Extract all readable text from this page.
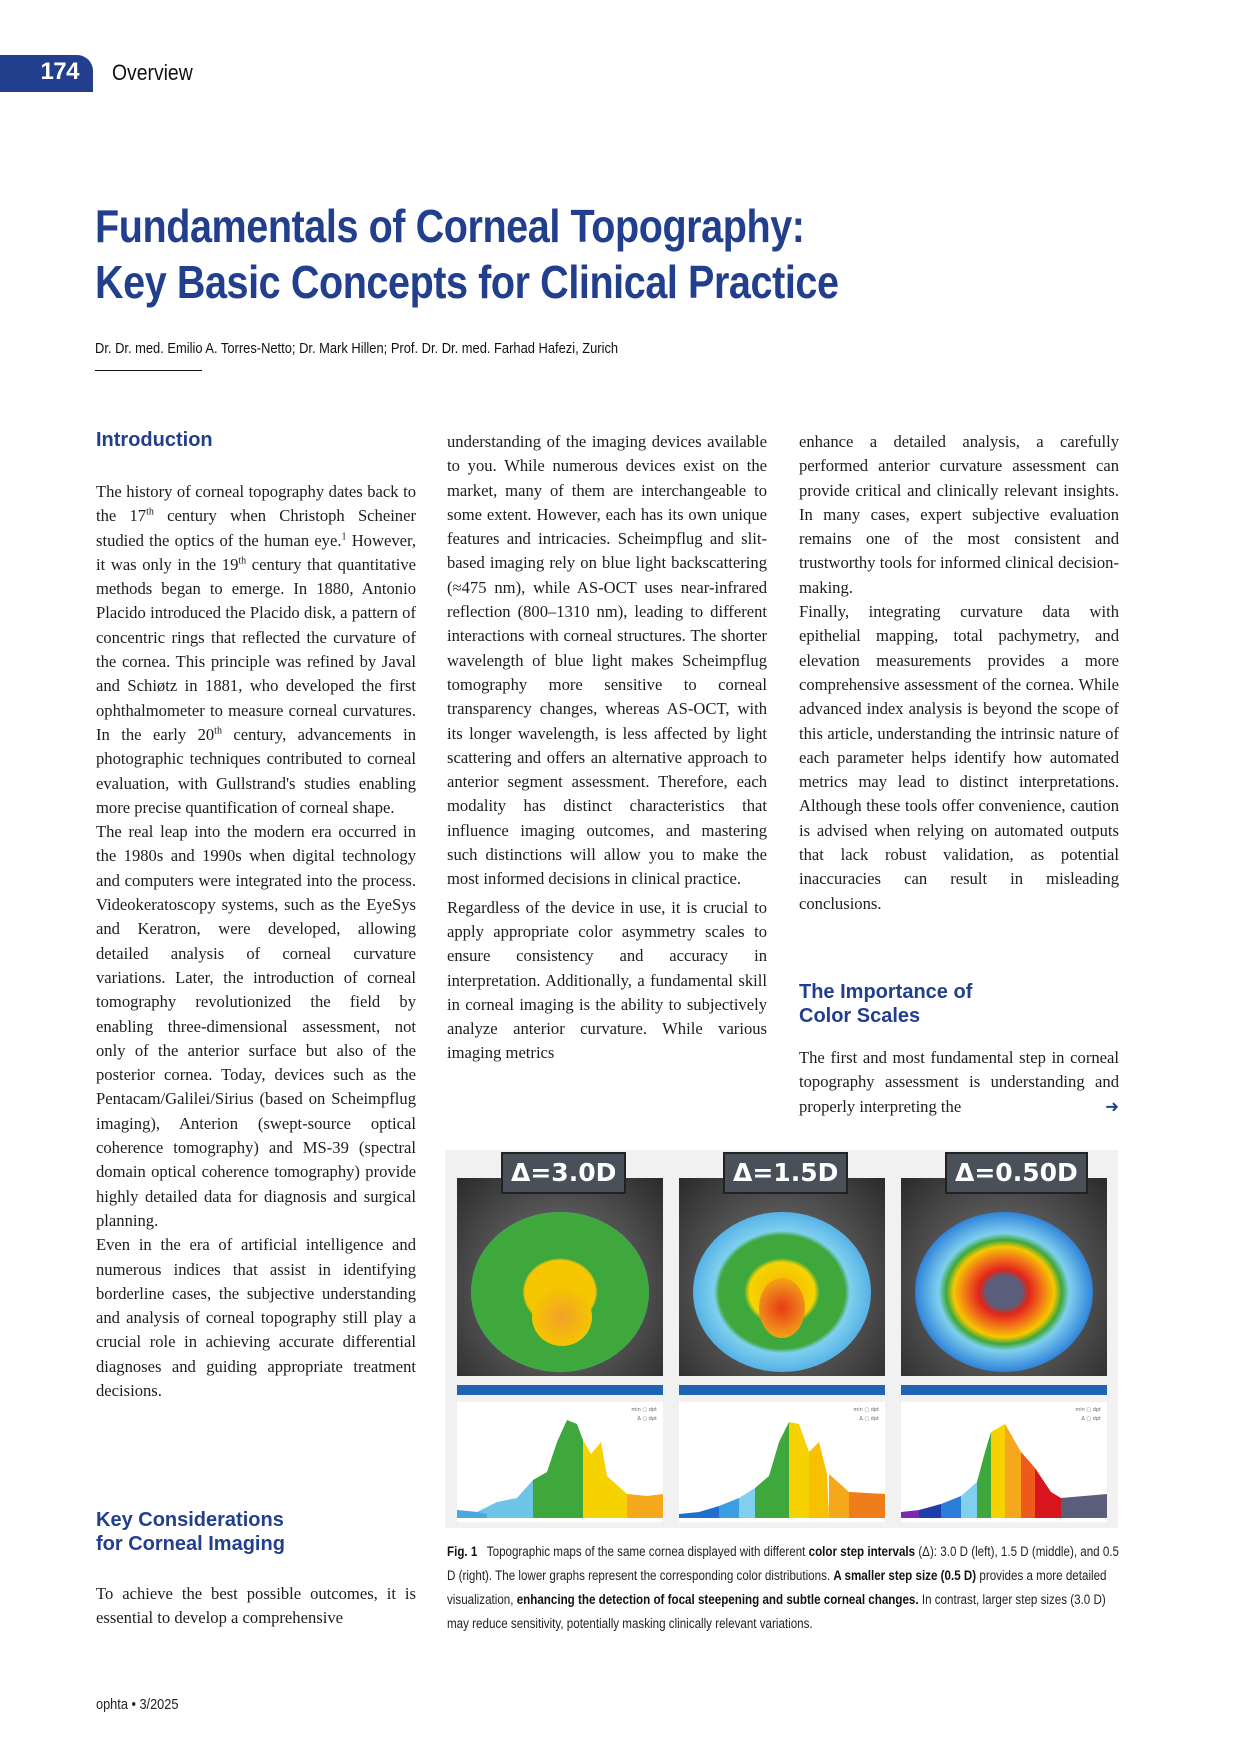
174 Overview
Fundamentals of Corneal Topography:
Key Basic Concepts for Clinical Practice
Dr. Dr. med. Emilio A. Torres-Netto; Dr. Mark Hillen; Prof. Dr. Dr. med. Farhad Hafezi, Zurich
Introduction

The history of corneal topography dates back to the 17th century when Christoph Scheiner studied the optics of the human eye.$^1$ However, it was only in the 19th century that quantitative methods began to emerge. In 1880, Antonio Placido introduced the Placido disk, a pattern of concentric rings that reflected the curvature of the cornea. This principle was refined by Javal and Schiøtz in 1881, who developed the first ophthalmometer to measure corneal curvatures. In the early 20th century, advancements in photographic techniques contributed to corneal evaluation, with Gullstrand's studies enabling more precise quantification of corneal shape.

The real leap into the modern era occurred in the 1980s and 1990s when digital technology and computers were integrated into the process. Videokeratoscopy systems, such as the EyeSys and Keratron, were developed, allowing detailed analysis of corneal curvature variations. Later, the introduction of corneal tomography revolutionized the field by enabling three-dimensional assessment, not only of the anterior surface but also of the posterior cornea. Today, devices such as the Pentacam/Galilei/Sirius (based on Scheimpflug imaging), Anterion (swept-source optical coherence tomography) and MS-39 (spectral domain optical coherence tomography) provide highly detailed data for diagnosis and surgical planning.

Even in the era of artificial intelligence and numerous indices that assist in identifying borderline cases, the subjective understanding and analysis of corneal topography still play a crucial role in achieving accurate differential diagnoses and guiding appropriate treatment decisions.

Key Considerations
for Corneal Imaging

To achieve the best possible outcomes, it is essential to develop a comprehensive

understanding of the imaging devices available to you. While numerous devices exist on the market, many of them are interchangeable to some extent. However, each has its own unique features and intricacies. Scheimpflug and slit-based imaging rely on blue light backscattering (≈475 nm), while AS-OCT uses near-infrared reflection (800–1310 nm), leading to different interactions with corneal structures. The shorter wavelength of blue light makes Scheimpflug tomography more sensitive to corneal transparency changes, whereas AS-OCT, with its longer wavelength, is less affected by light scattering and offers an alternative approach to anterior segment assessment. Therefore, each modality has distinct characteristics that influence imaging outcomes, and mastering such distinctions will allow you to make the most informed decisions in clinical practice.

Regardless of the device in use, it is crucial to apply appropriate color asymmetry scales to ensure consistency and accuracy in interpretation. Additionally, a fundamental skill in corneal imaging is the ability to subjectively analyze anterior curvature. While various imaging metrics

enhance a detailed analysis, a carefully performed anterior curvature assessment can provide critical and clinically relevant insights. In many cases, expert subjective evaluation remains one of the most consistent and trustworthy tools for informed clinical decision-making.

Finally, integrating curvature data with epithelial mapping, total pachymetry, and elevation measurements provides a more comprehensive assessment of the cornea. While advanced index analysis is beyond the scope of this article, understanding the intrinsic nature of each parameter helps identify how automated metrics may lead to distinct interpretations. Although these tools offer convenience, caution is advised when relying on automated outputs that lack robust validation, as potential inaccuracies can result in misleading conclusions.

The Importance of
Color Scales

The first and most fundamental step in corneal topography assessment is understanding and properly interpreting the	➜

Δ=3.0D
min ▢ dpt
Δ ▢ dpt
Δ=1.5D
min ▢ dpt
Δ ▢ dpt
Δ=0.50D
min ▢ dpt
Δ ▢ dpt
Fig. 1 Topographic maps of the same cornea displayed with different color step intervals (Δ): 3.0 D (left), 1.5 D (middle), and 0.5 D (right). The lower graphs represent the corresponding color distributions. A smaller step size (0.5 D) provides a more detailed visualization, enhancing the detection of focal steepening and subtle corneal changes. In contrast, larger step sizes (3.0 D) may reduce sensitivity, potentially masking clinically relevant variations.
ophta • 3/2025
